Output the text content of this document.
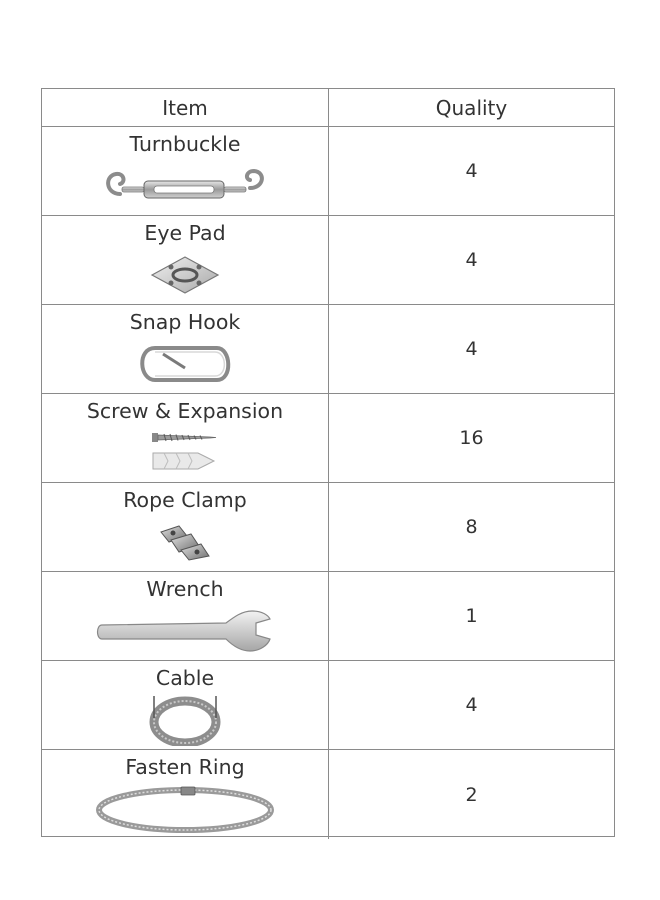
Item	Quality
Turnbuckle
4
Eye Pad
4
Snap Hook
4
Screw & Expansion
16
Rope Clamp
8
Wrench
1
Cable
4
Fasten Ring
2
